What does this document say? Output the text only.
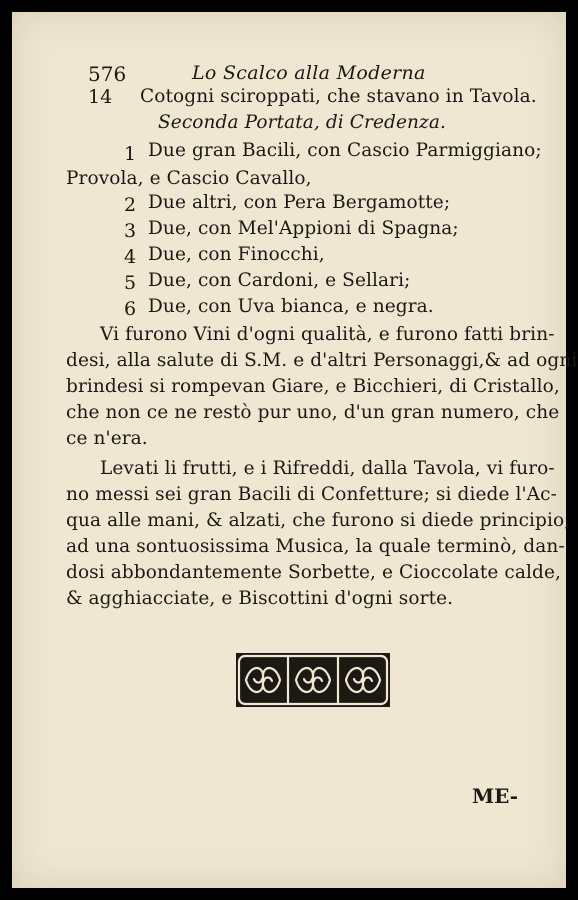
576	Lo Scalco alla Moderna
14 Cotogni sciroppati, che stavano in Tavola.
Seconda Portata, di Credenza.
1 Due gran Bacili, con Cascio Parmiggiano;
Provola, e Cascio Cavallo,
2 Due altri, con Pera Bergamotte;
3 Due, con Mel'Appioni di Spagna;
4 Due, con Finocchi,
5 Due, con Cardoni, e Sellari;
6 Due, con Uva bianca, e negra.
Vi furono Vini d'ogni qualità, e furono fatti brin-
desi, alla salute di S.M. e d'altri Personaggi,& ad ogni
brindesi si rompevan Giare, e Bicchieri, di Cristallo,
che non ce ne restò pur uno, d'un gran numero, che
ce n'era.
Levati li frutti, e i Rifreddi, dalla Tavola, vi furo-
no messi sei gran Bacili di Confetture; si diede l'Ac-
qua alle mani, & alzati, che furono si diede principio,
ad una sontuosissima Musica, la quale terminò, dan-
dosi abbondantemente Sorbette, e Cioccolate calde,
& agghiacciate, e Biscottini d'ogni sorte.
ME-
